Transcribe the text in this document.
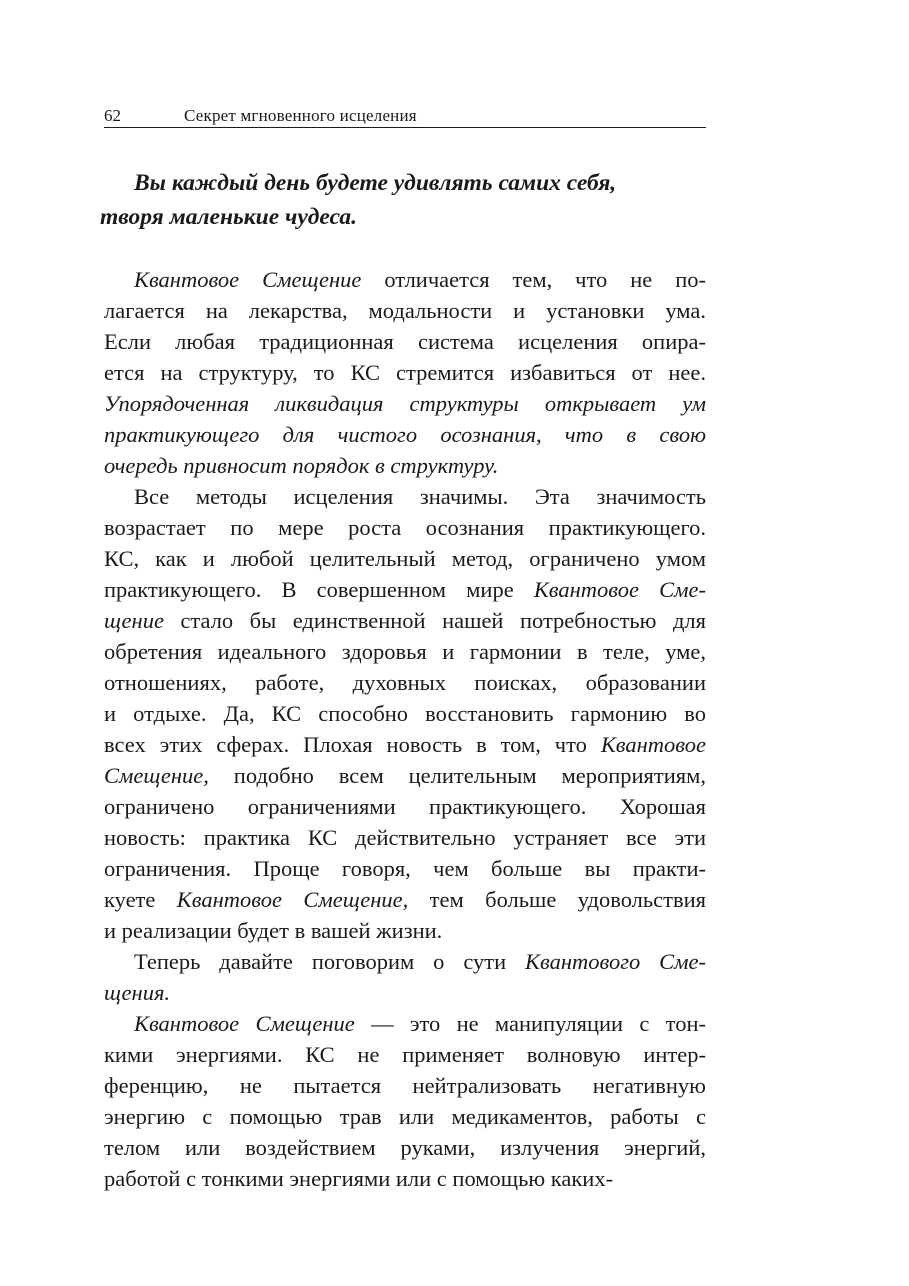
62	Секрет мгновенного исцеления
Вы каждый день будете удивлять самих себя,
творя маленькие чудеса.

Квантовое Смещение отличается тем, что не по-
лагается на лекарства, модальности и установки ума.
Если любая традиционная система исцеления опира-
ется на структуру, то КС стремится избавиться от нее.
Упорядоченная ликвидация структуры открывает ум
практикующего для чистого осознания, что в свою
очередь привносит порядок в структуру.

Все методы исцеления значимы. Эта значимость
возрастает по мере роста осознания практикующего.
КС, как и любой целительный метод, ограничено умом
практикующего. В совершенном мире Квантовое Сме-
щение стало бы единственной нашей потребностью для
обретения идеального здоровья и гармонии в теле, уме,
отношениях, работе, духовных поисках, образовании
и отдыхе. Да, КС способно восстановить гармонию во
всех этих сферах. Плохая новость в том, что Квантовое
Смещение, подобно всем целительным мероприятиям,
ограничено ограничениями практикующего. Хорошая
новость: практика КС действительно устраняет все эти
ограничения. Проще говоря, чем больше вы практи-
куете Квантовое Смещение, тем больше удовольствия
и реализации будет в вашей жизни.

Теперь давайте поговорим о сути Квантового Сме-
щения.

Квантовое Смещение — это не манипуляции с тон-
кими энергиями. КС не применяет волновую интер-
ференцию, не пытается нейтрализовать негативную
энергию с помощью трав или медикаментов, работы с
телом или воздействием руками, излучения энергий,
работой с тонкими энергиями или с помощью каких-
